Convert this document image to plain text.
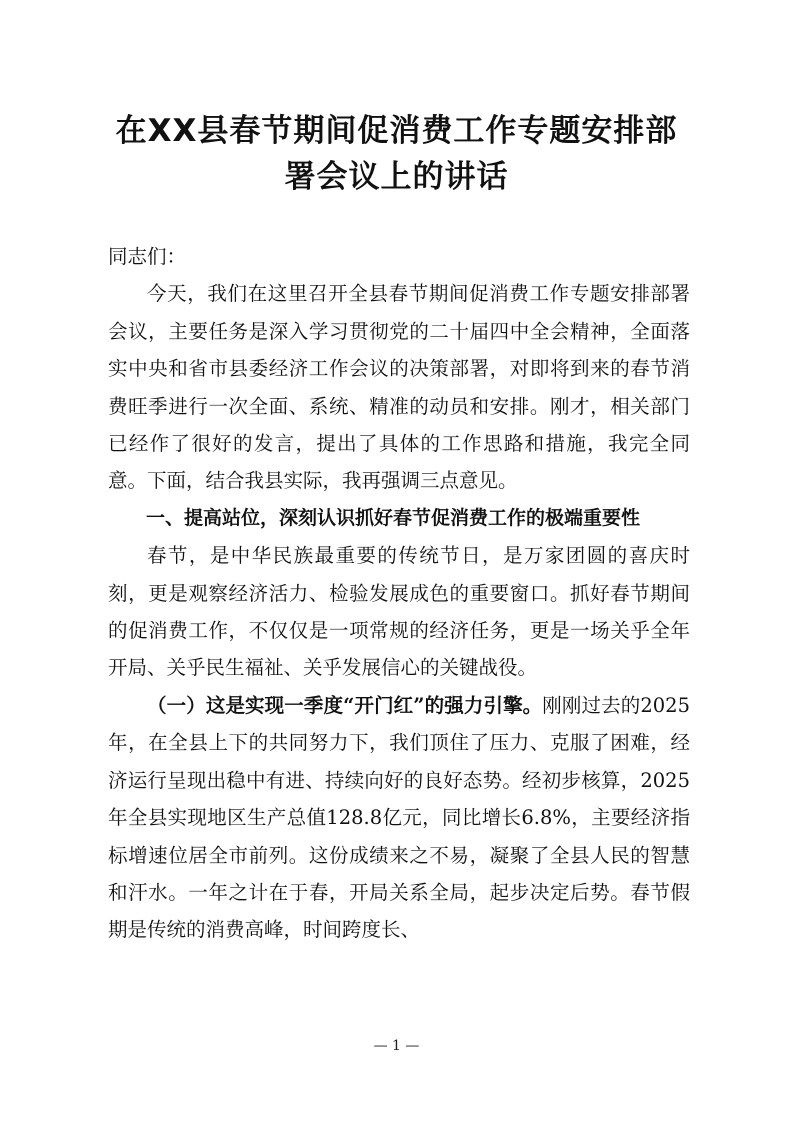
在XX县春节期间促消费工作专题安排部
署会议上的讲话

同志们：

今天，我们在这里召开全县春节期间促消费工作专题安排部署会议，主要任务是深入学习贯彻党的二十届四中全会精神，全面落实中央和省市县委经济工作会议的决策部署，对即将到来的春节消费旺季进行一次全面、系统、精准的动员和安排。刚才，相关部门已经作了很好的发言，提出了具体的工作思路和措施，我完全同意。下面，结合我县实际，我再强调三点意见。

一、提高站位，深刻认识抓好春节促消费工作的极端重要性

春节，是中华民族最重要的传统节日，是万家团圆的喜庆时刻，更是观察经济活力、检验发展成色的重要窗口。抓好春节期间的促消费工作，不仅仅是一项常规的经济任务，更是一场关乎全年开局、关乎民生福祉、关乎发展信心的关键战役。

（一）这是实现一季度“开门红”的强力引擎。刚刚过去的2025年，在全县上下的共同努力下，我们顶住了压力、克服了困难，经济运行呈现出稳中有进、持续向好的良好态势。经初步核算，2025年全县实现地区生产总值128.8亿元，同比增长6.8%，主要经济指标增速位居全市前列。这份成绩来之不易，凝聚了全县人民的智慧和汗水。一年之计在于春，开局关系全局，起步决定后势。春节假期是传统的消费高峰，时间跨度长、

— 1 —
